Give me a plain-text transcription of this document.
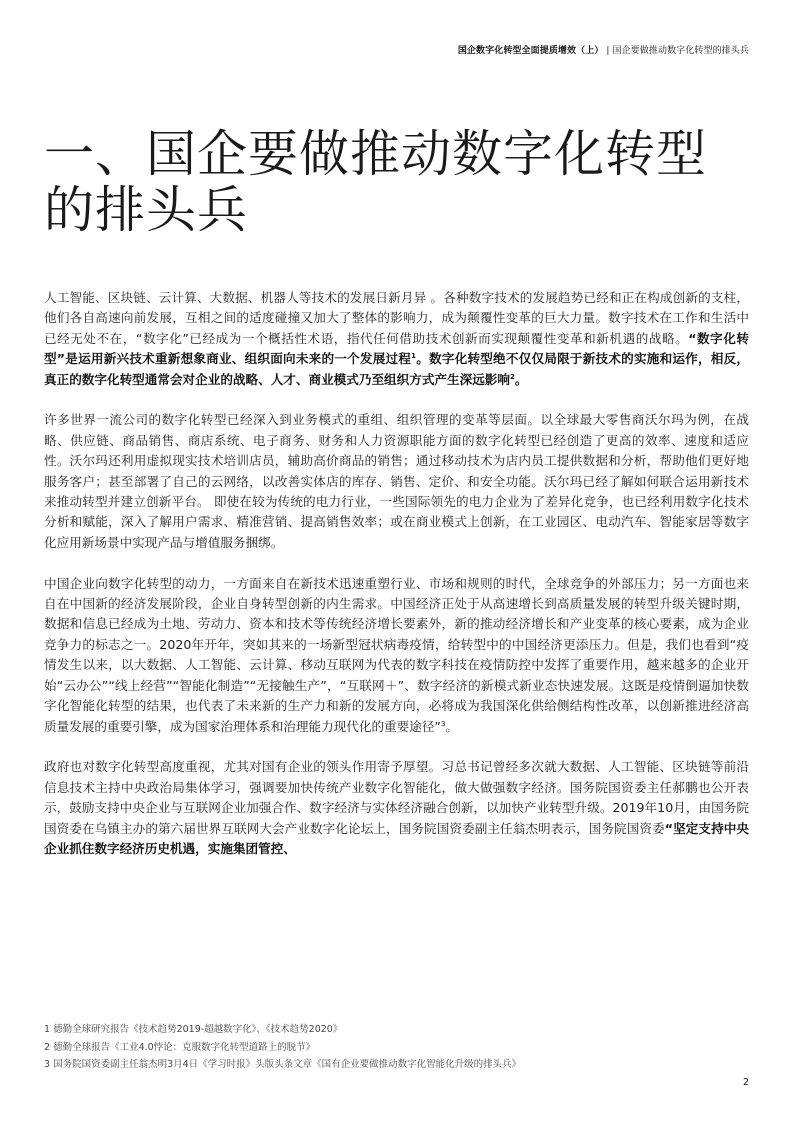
国企数字化转型全面提质增效（上） | 国企要做推动数字化转型的排头兵
一、国企要做推动数字化转型的排头兵

人工智能、区块链、云计算、大数据、机器人等技术的发展日新月异 。各种数字技术的发展趋势已经和正在构成创新的支柱，他们各自高速向前发展，互相之间的适度碰撞又加大了整体的影响力，成为颠覆性变革的巨大力量。数字技术在工作和生活中已经无处不在，“数字化”已经成为一个概括性术语，指代任何借助技术创新而实现颠覆性变革和新机遇的战略。“数字化转型”是运用新兴技术重新想象商业、组织面向未来的一个发展过程$^1$。数字化转型绝不仅仅局限于新技术的实施和运作，相反，真正的数字化转型通常会对企业的战略、人才、商业模式乃至组织方式产生深远影响$^2$。

许多世界一流公司的数字化转型已经深入到业务模式的重组、组织管理的变革等层面。以全球最大零售商沃尔玛为例，在战略、供应链、商品销售、商店系统、电子商务、财务和人力资源职能方面的数字化转型已经创造了更高的效率、速度和适应性。沃尔玛还利用虚拟现实技术培训店员，辅助高价商品的销售；通过移动技术为店内员工提供数据和分析，帮助他们更好地服务客户；甚至部署了自己的云网络，以改善实体店的库存、销售、定价、和安全功能。沃尔玛已经了解如何联合运用新技术来推动转型并建立创新平台。 即使在较为传统的电力行业，一些国际领先的电力企业为了差异化竞争，也已经利用数字化技术分析和赋能，深入了解用户需求、精准营销、提高销售效率；或在商业模式上创新，在工业园区、电动汽车、智能家居等数字化应用新场景中实现产品与增值服务捆绑。

中国企业向数字化转型的动力，一方面来自在新技术迅速重塑行业、市场和规则的时代，全球竞争的外部压力；另一方面也来自在中国新的经济发展阶段，企业自身转型创新的内生需求。中国经济正处于从高速增长到高质量发展的转型升级关键时期，数据和信息已经成为土地、劳动力、资本和技术等传统经济增长要素外，新的推动经济增长和产业变革的核心要素，成为企业竞争力的标志之一。2020年开年，突如其来的一场新型冠状病毒疫情，给转型中的中国经济更添压力。但是，我们也看到“疫情发生以来，以大数据、人工智能、云计算、移动互联网为代表的数字科技在疫情防控中发挥了重要作用，越来越多的企业开始“云办公”“线上经营”“智能化制造”“无接触生产”，“互联网＋”、数字经济的新模式新业态快速发展。这既是疫情倒逼加快数字化智能化转型的结果，也代表了未来新的生产力和新的发展方向，必将成为我国深化供给侧结构性改革，以创新推进经济高质量发展的重要引擎，成为国家治理体系和治理能力现代化的重要途径”$^3$。

政府也对数字化转型高度重视，尤其对国有企业的领头作用寄予厚望。习总书记曾经多次就大数据、人工智能、区块链等前沿信息技术主持中央政治局集体学习，强调要加快传统产业数字化智能化，做大做强数字经济。国务院国资委主任郝鹏也公开表示，鼓励支持中央企业与互联网企业加强合作、数字经济与实体经济融合创新，以加快产业转型升级。2019年10月，由国务院国资委在乌镇主办的第六届世界互联网大会产业数字化论坛上，国务院国资委副主任翁杰明表示，国务院国资委“坚定支持中央企业抓住数字经济历史机遇，实施集团管控、

1 德勤全球研究报告《技术趋势2019-超越数字化》、《技术趋势2020》
2 德勤全球报告《工业4.0悖论：克服数字化转型道路上的脱节》
3 国务院国资委副主任翁杰明3月4日《学习时报》头版头条文章《国有企业要做推动数字化智能化升级的排头兵》
2
